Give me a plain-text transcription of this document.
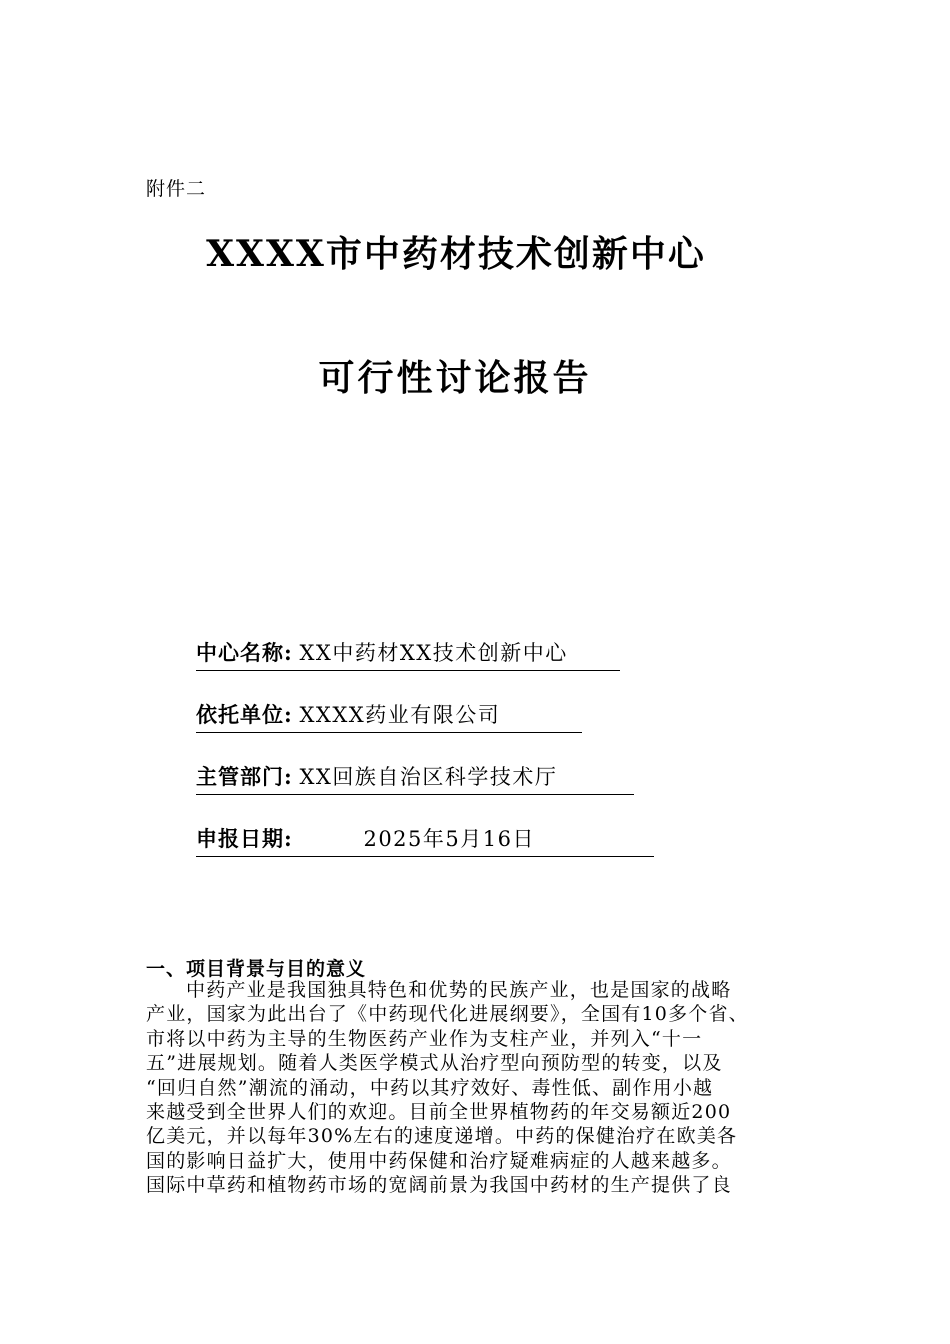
附件二
XXXX市中药材技术创新中心
可行性讨论报告
中心名称: XX中药材XX技术创新中心
依托单位: XXXX药业有限公司
主管部门: XX回族自治区科学技术厅
申报日期:	2025年5月16日
一、项目背景与目的意义
中药产业是我国独具特色和优势的民族产业，也是国家的战略
产业，国家为此出台了《中药现代化进展纲要》，全国有10多个省、
市将以中药为主导的生物医药产业作为支柱产业，并列入“十一
五”进展规划。随着人类医学模式从治疗型向预防型的转变，以及
“回归自然”潮流的涌动，中药以其疗效好、毒性低、副作用小越
来越受到全世界人们的欢迎。目前全世界植物药的年交易额近200
亿美元，并以每年30%左右的速度递增。中药的保健治疗在欧美各
国的影响日益扩大，使用中药保健和治疗疑难病症的人越来越多。
国际中草药和植物药市场的宽阔前景为我国中药材的生产提供了良
